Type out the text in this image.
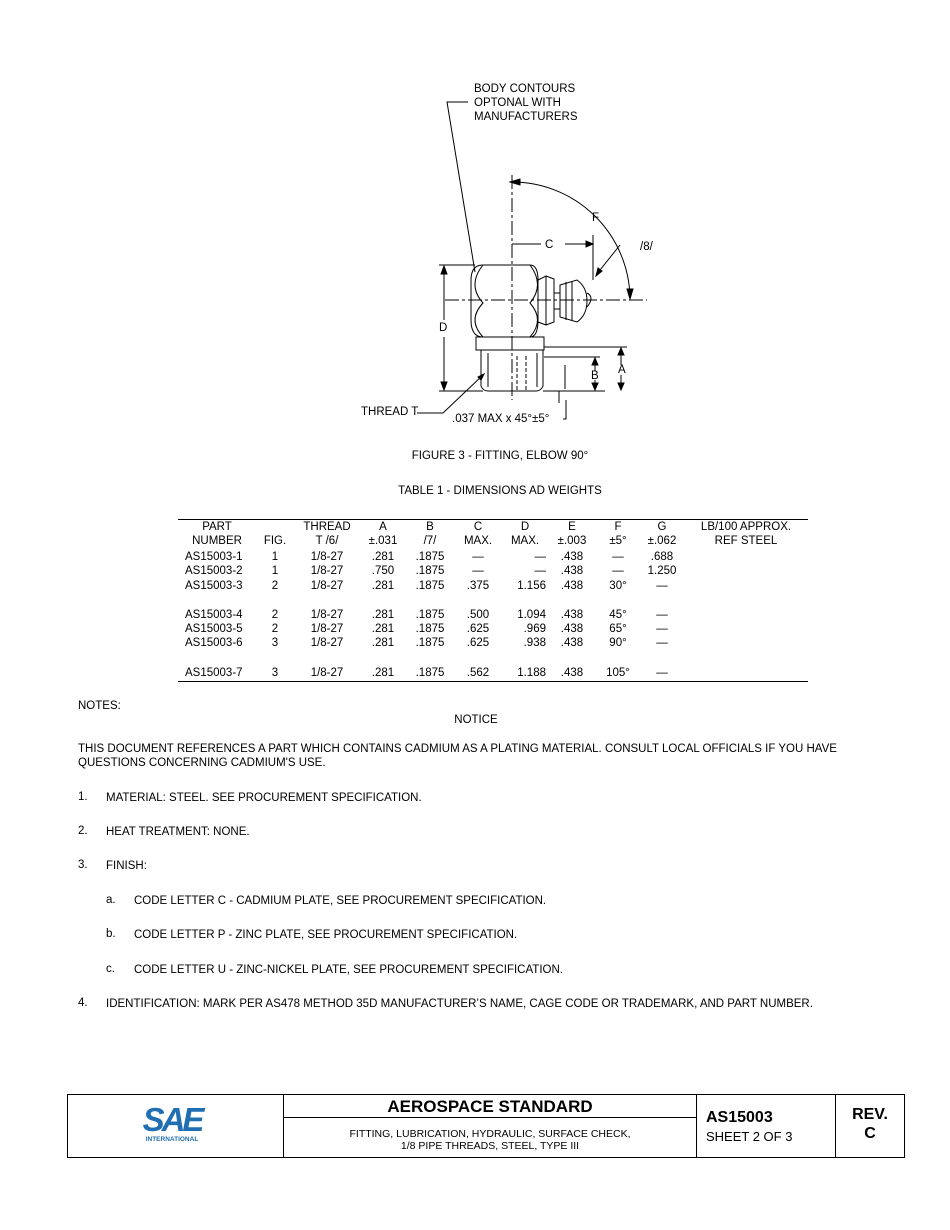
BODY CONTOURS
OPTONAL WITH
MANUFACTURERS
C
F
/8/
D
B A
THREAD T
.037 MAX x 45°±5°
FIGURE 3 - FITTING, ELBOW 90°
TABLE 1 - DIMENSIONS AD WEIGHTS
PART		THREAD	A	B	C	D	E	F	G	LB/100 APPROX.
NUMBER	FIG.	T /6/	±.031	/7/	MAX.	MAX.	±.003	±5°	±.062	REF STEEL
AS15003-1	1	1/8-27	.281	.1875	—	—	.438	—	.688	
AS15003-2	1	1/8-27	.750	.1875	—	—	.438	—	1.250	
AS15003-3	2	1/8-27	.281	.1875	.375	1.156	.438	30°	—	

AS15003-4	2	1/8-27	.281	.1875	.500	1.094	.438	45°	—	
AS15003-5	2	1/8-27	.281	.1875	.625	.969	.438	65°	—	
AS15003-6	3	1/8-27	.281	.1875	.625	.938	.438	90°	—	

AS15003-7	3	1/8-27	.281	.1875	.562	1.188	.438	105°	—	
NOTES:
NOTICE
THIS DOCUMENT REFERENCES A PART WHICH CONTAINS CADMIUM AS A PLATING MATERIAL. CONSULT LOCAL OFFICIALS IF YOU HAVE QUESTIONS CONCERNING CADMIUM'S USE.
1. MATERIAL: STEEL. SEE PROCUREMENT SPECIFICATION.
2. HEAT TREATMENT: NONE.
3. FINISH:
a. CODE LETTER C - CADMIUM PLATE, SEE PROCUREMENT SPECIFICATION.
b. CODE LETTER P - ZINC PLATE, SEE PROCUREMENT SPECIFICATION.
c. CODE LETTER U - ZINC-NICKEL PLATE, SEE PROCUREMENT SPECIFICATION.
4. IDENTIFICATION: MARK PER AS478 METHOD 35D MANUFACTURER’S NAME, CAGE CODE OR TRADEMARK, AND PART NUMBER.
SAE
INTERNATIONAL
AEROSPACE STANDARD
FITTING, LUBRICATION, HYDRAULIC, SURFACE CHECK,
1/8 PIPE THREADS, STEEL, TYPE III
AS15003
SHEET 2 OF 3
REV.
C
